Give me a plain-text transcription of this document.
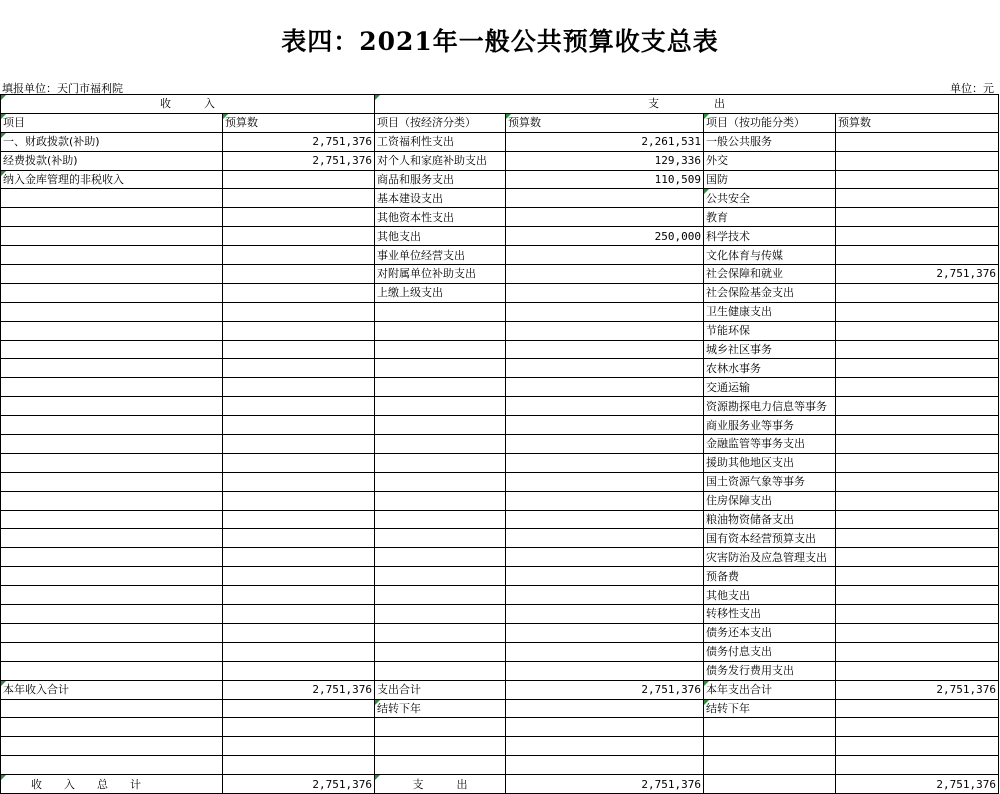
表四：2021年一般公共预算收支总表
填报单位：天门市福利院	单位：元
收　　　入		支　　　　　出			
项目	预算数	项目（按经济分类）	预算数	项目（按功能分类）	预算数
一、财政拨款(补助)	2,751,376	工资福利性支出	2,261,531	一般公共服务	
经费拨款(补助)	2,751,376	对个人和家庭补助支出	129,336	外交	
纳入金库管理的非税收入		商品和服务支出	110,509	国防	
		基本建设支出		公共安全	
		其他资本性支出		教育	
		其他支出	250,000	科学技术	
		事业单位经营支出		文化体育与传媒	
		对附属单位补助支出		社会保障和就业	2,751,376
		上缴上级支出		社会保险基金支出	
				卫生健康支出	
				节能环保	
				城乡社区事务	
				农林水事务	
				交通运输	
				资源勘探电力信息等事务	
				商业服务业等事务	
				金融监管等事务支出	
				援助其他地区支出	
				国土资源气象等事务	
				住房保障支出	
				粮油物资储备支出	
				国有资本经营预算支出	
				灾害防治及应急管理支出	
				预备费	
				其他支出	
				转移性支出	
				债务还本支出	
				债务付息支出	
				债务发行费用支出	
本年收入合计	2,751,376	支出合计	2,751,376	本年支出合计	2,751,376
		结转下年		结转下年	

收　　入　　总　　计	2,751,376	支　　　出	2,751,376		2,751,376
